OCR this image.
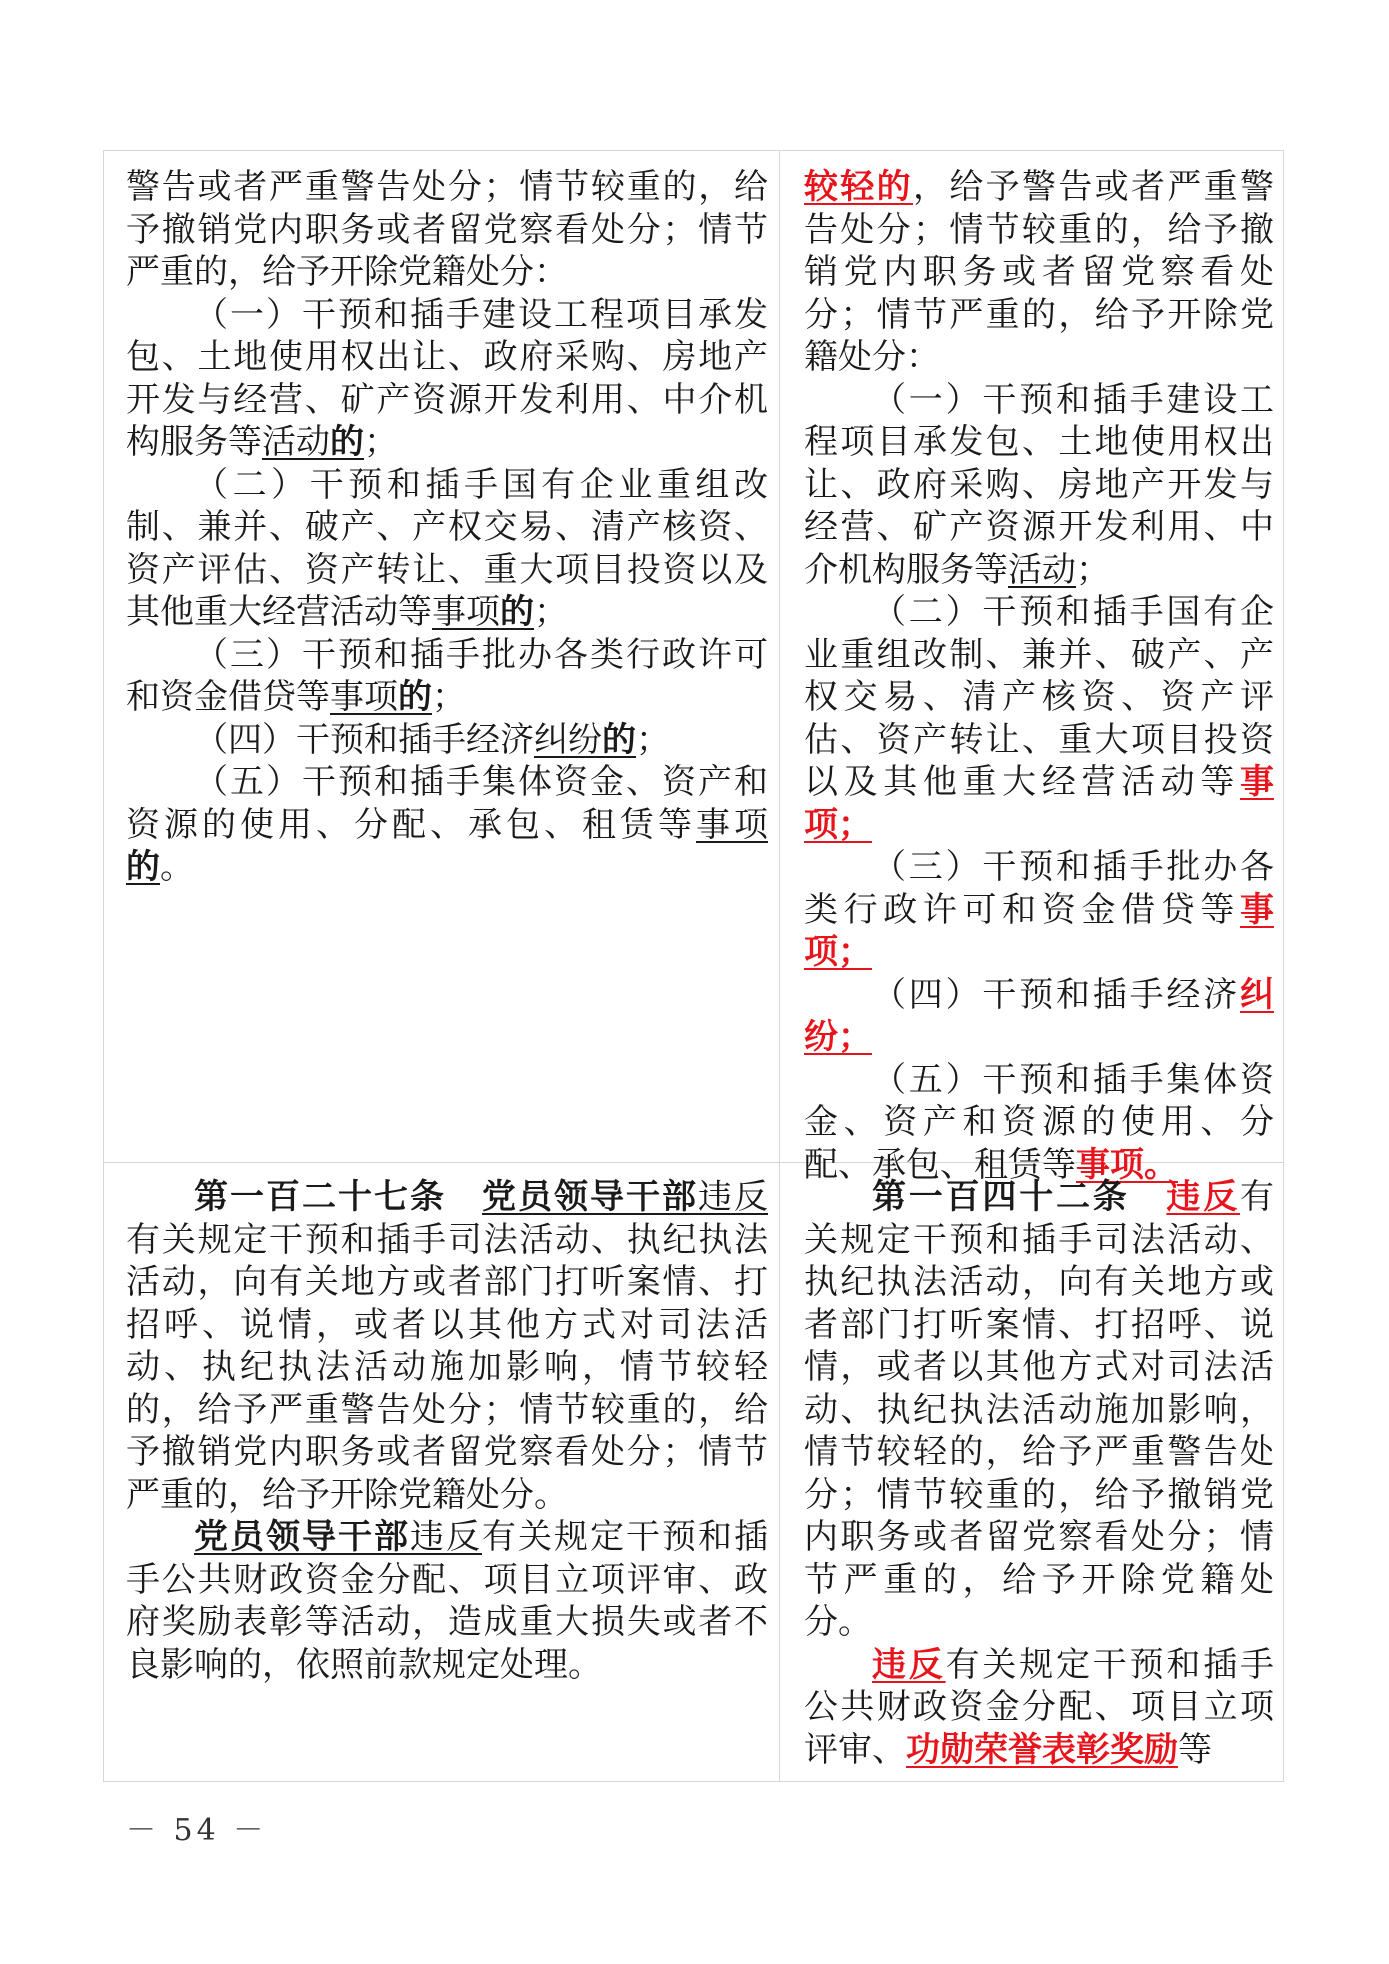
警告或者严重警告处分；情节较重的，给予撤销党内职务或者留党察看处分；情节严重的，给予开除党籍处分：

（一）干预和插手建设工程项目承发包、土地使用权出让、政府采购、房地产开发与经营、矿产资源开发利用、中介机构服务等活动的；

（二）干预和插手国有企业重组改制、兼并、破产、产权交易、清产核资、资产评估、资产转让、重大项目投资以及其他重大经营活动等事项的；

（三）干预和插手批办各类行政许可和资金借贷等事项的；

（四）干预和插手经济纠纷的；

（五）干预和插手集体资金、资产和资源的使用、分配、承包、租赁等事项的。

较轻的，给予警告或者严重警告处分；情节较重的，给予撤销党内职务或者留党察看处分；情节严重的，给予开除党籍处分：

（一）干预和插手建设工程项目承发包、土地使用权出让、政府采购、房地产开发与经营、矿产资源开发利用、中介机构服务等活动；

（二）干预和插手国有企业重组改制、兼并、破产、产权交易、清产核资、资产评估、资产转让、重大项目投资以及其他重大经营活动等事项；

（三）干预和插手批办各类行政许可和资金借贷等事项；

（四）干预和插手经济纠纷；

（五）干预和插手集体资金、资产和资源的使用、分配、承包、租赁等事项。

第一百二十七条　 党员领导干部违反有关规定干预和插手司法活动、执纪执法活动，向有关地方或者部门打听案情、打招呼、说情，或者以其他方式对司法活动、执纪执法活动施加影响，情节较轻的，给予严重警告处分；情节较重的，给予撤销党内职务或者留党察看处分；情节严重的，给予开除党籍处分。

党员领导干部违反有关规定干预和插手公共财政资金分配、项目立项评审、政府奖励表彰等活动，造成重大损失或者不良影响的，依照前款规定处理。

第一百四十二条　 违反有关规定干预和插手司法活动、执纪执法活动，向有关地方或者部门打听案情、打招呼、说情，或者以其他方式对司法活动、执纪执法活动施加影响，情节较轻的，给予严重警告处分；情节较重的，给予撤销党内职务或者留党察看处分；情节严重的，给予开除党籍处分。

违反有关规定干预和插手公共财政资金分配、项目立项评审、功勋荣誉表彰奖励等

－ 54 －
